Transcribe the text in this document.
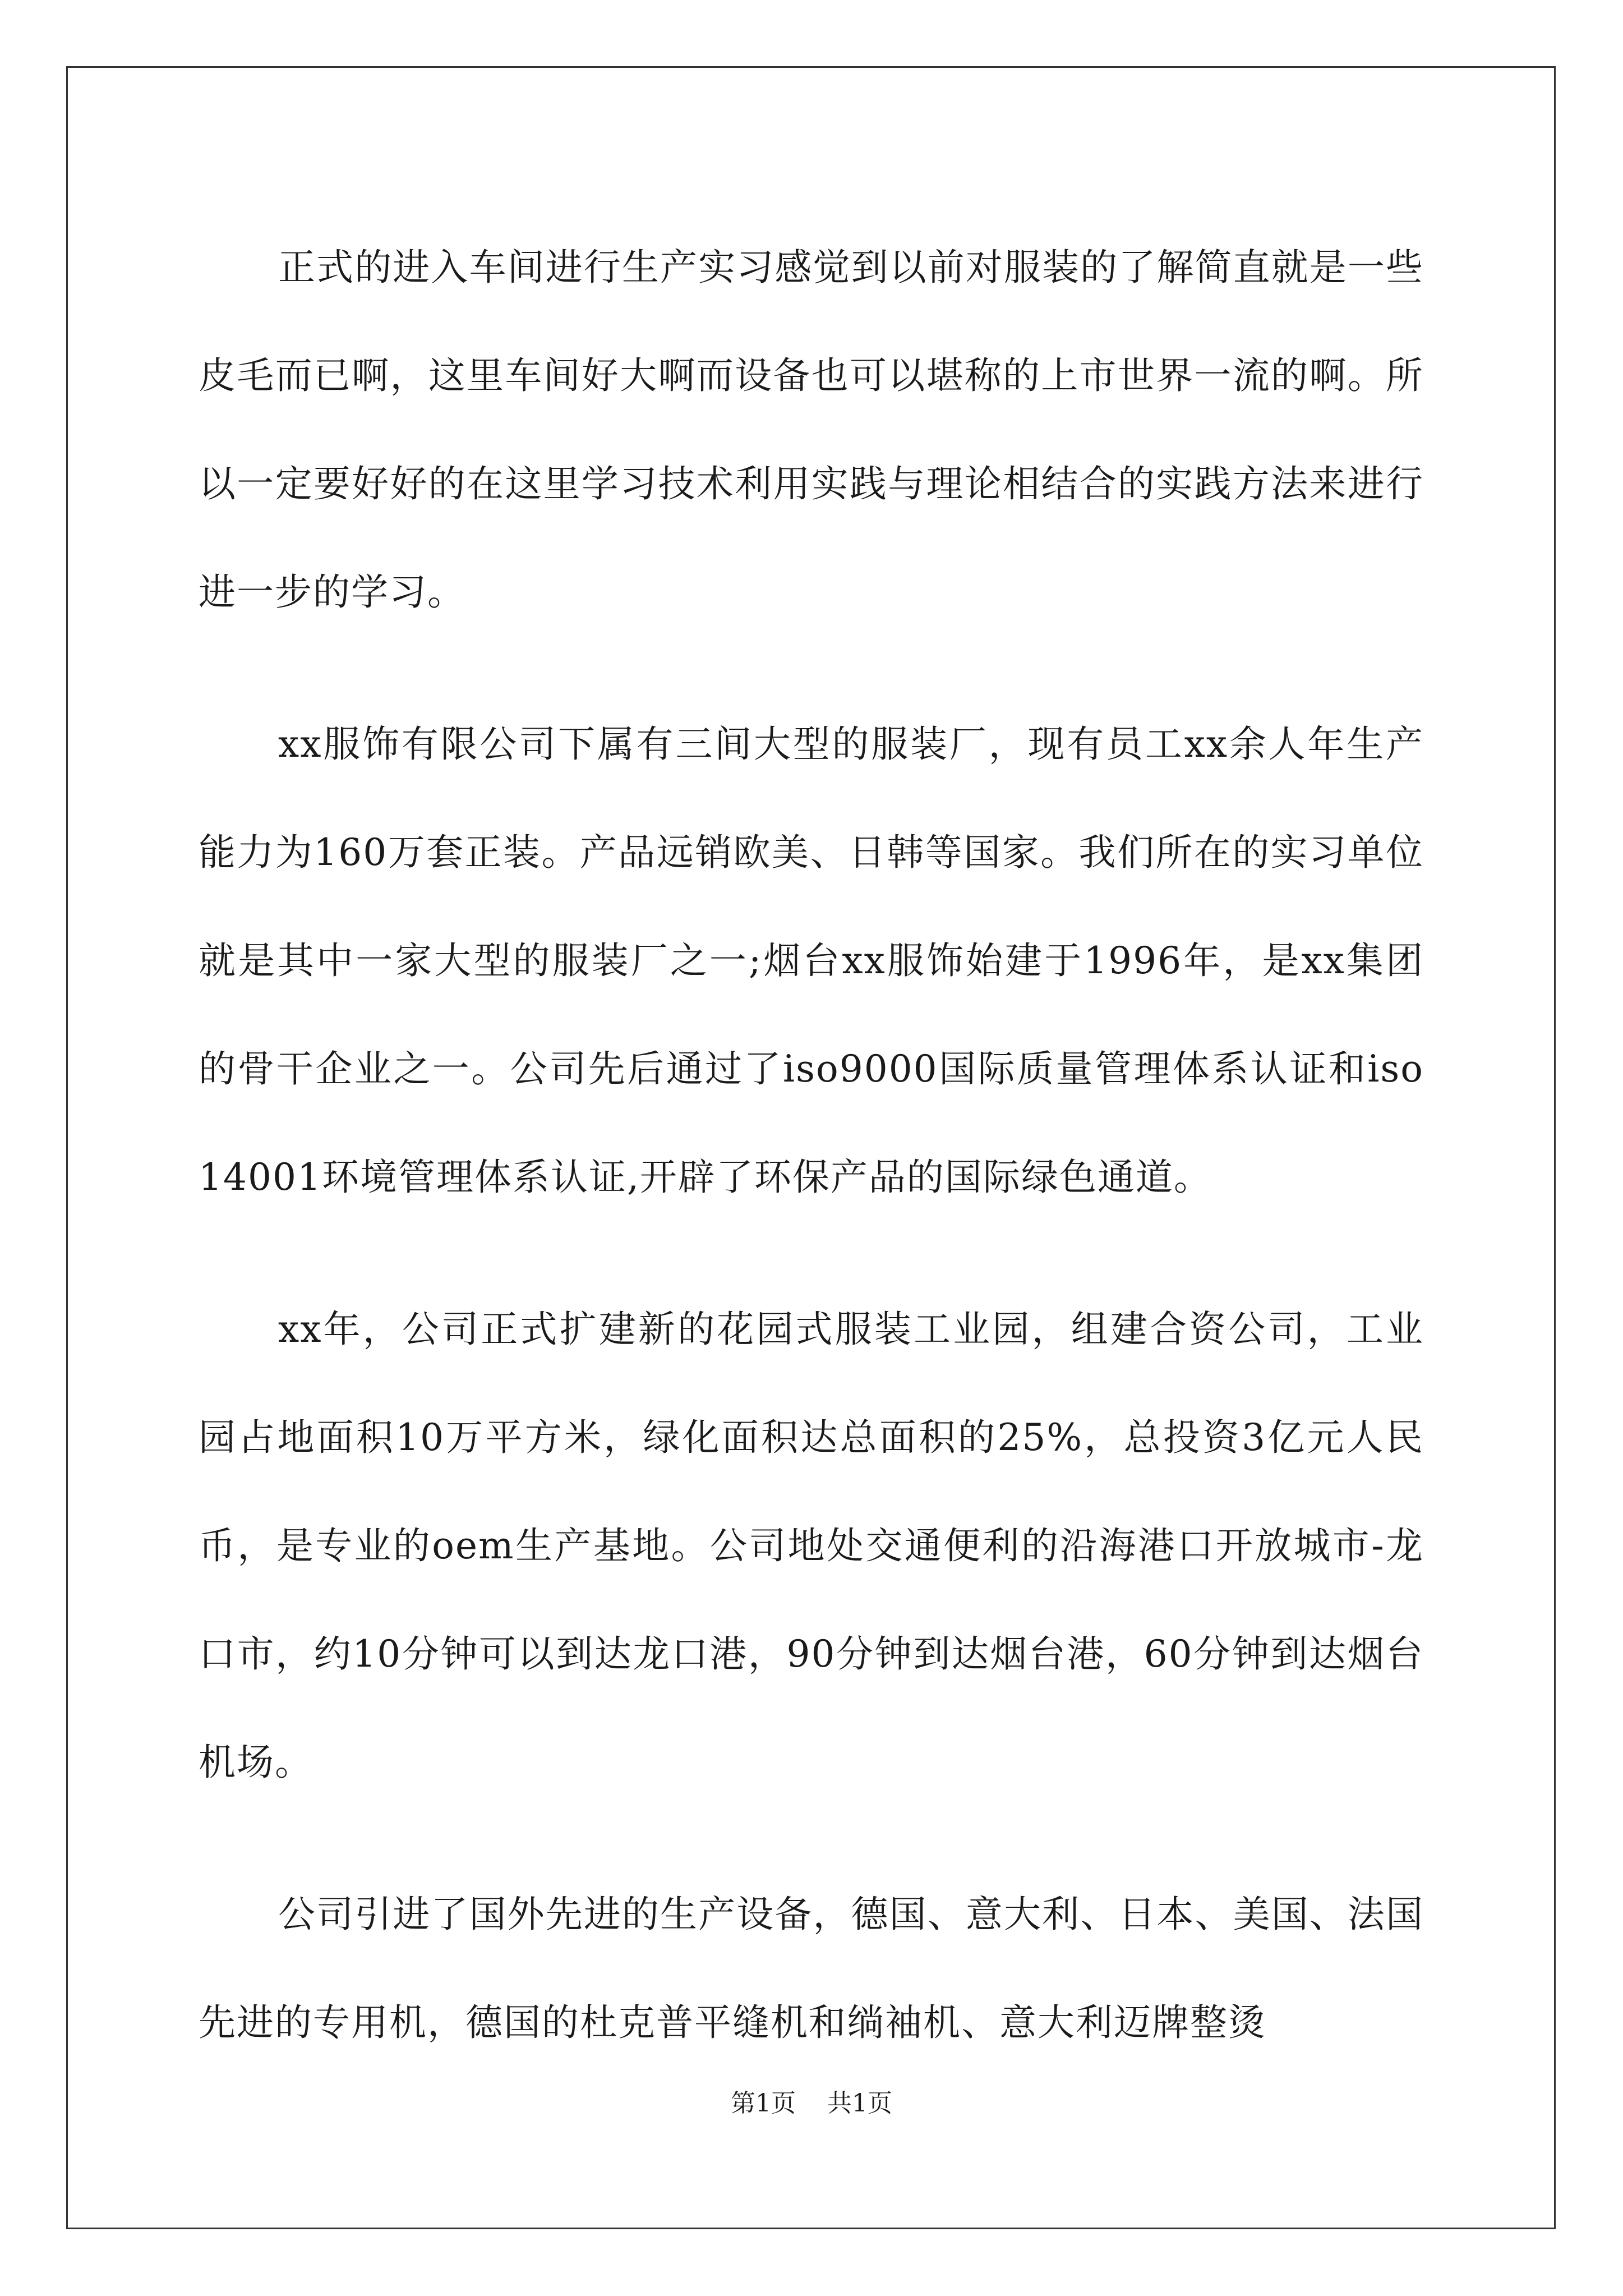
正式的进入车间进行生产实习感觉到以前对服装的了解简直就是一些皮毛而已啊，这里车间好大啊而设备也可以堪称的上市世界一流的啊。所以一定要好好的在这里学习技术利用实践与理论相结合的实践方法来进行进一步的学习。

xx服饰有限公司下属有三间大型的服装厂，现有员工xx余人年生产能力为160万套正装。产品远销欧美、日韩等国家。我们所在的实习单位就是其中一家大型的服装厂之一;烟台xx服饰始建于1996年，是xx集团的骨干企业之一。公司先后通过了iso9000国际质量管理体系认证和iso14001环境管理体系认证,开辟了环保产品的国际绿色通道。

xx年，公司正式扩建新的花园式服装工业园，组建合资公司，工业园占地面积10万平方米，绿化面积达总面积的25%，总投资3亿元人民币，是专业的oem生产基地。公司地处交通便利的沿海港口开放城市-龙口市，约10分钟可以到达龙口港，90分钟到达烟台港，60分钟到达烟台机场。

公司引进了国外先进的生产设备，德国、意大利、日本、美国、法国先进的专用机，德国的杜克普平缝机和绱袖机、意大利迈牌整烫

第1页 共1页
